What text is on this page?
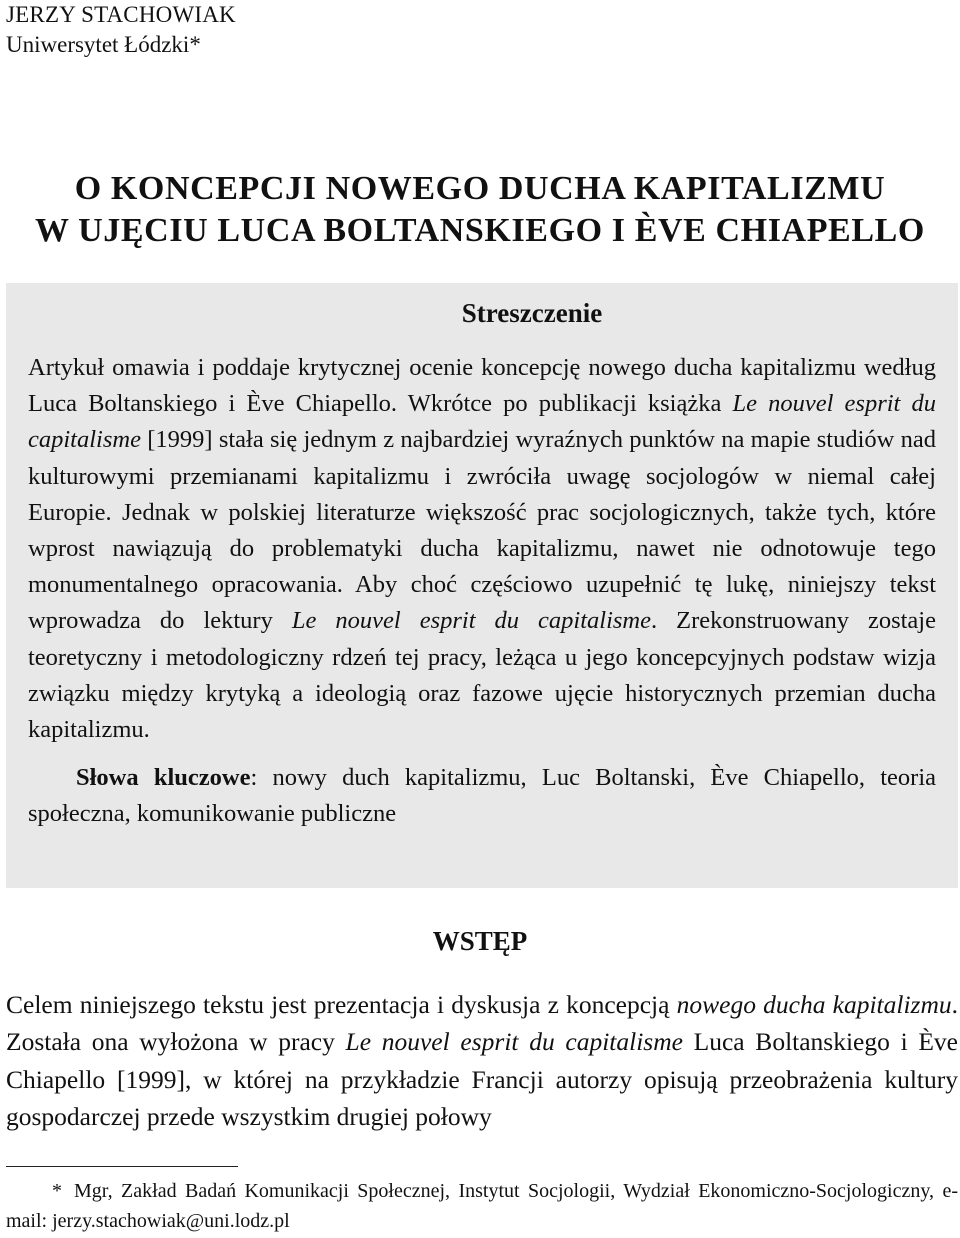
JERZY STACHOWIAK
Uniwersytet Łódzki*
O KONCEPCJI NOWEGO DUCHA KAPITALIZMU
W UJĘCIU LUCA BOLTANSKIEGO I ÈVE CHIAPELLO
Streszczenie

Artykuł omawia i poddaje krytycznej ocenie koncepcję nowego ducha kapitalizmu według Luca Boltanskiego i Ève Chiapello. Wkrótce po publikacji książka Le nouvel esprit du capitalisme [1999] stała się jednym z najbardziej wyraźnych punktów na mapie studiów nad kulturowymi przemianami kapitalizmu i zwróciła uwagę socjologów w niemal całej Europie. Jednak w polskiej literaturze większość prac socjologicznych, także tych, które wprost nawiązują do problematyki ducha kapitalizmu, nawet nie odnotowuje tego monumentalnego opracowania. Aby choć częściowo uzupełnić tę lukę, niniejszy tekst wprowadza do lektury Le nouvel esprit du capitalisme. Zrekonstruowany zostaje teoretyczny i metodologiczny rdzeń tej pracy, leżąca u jego koncepcyjnych podstaw wizja związku między krytyką a ideologią oraz fazowe ujęcie historycznych przemian ducha kapitalizmu.

Słowa kluczowe: nowy duch kapitalizmu, Luc Boltanski, Ève Chiapello, teoria społeczna, komunikowanie publiczne

WSTĘP

Celem niniejszego tekstu jest prezentacja i dyskusja z koncepcją nowego ducha kapitalizmu. Została ona wyłożona w pracy Le nouvel esprit du capitalisme Luca Boltanskiego i Ève Chiapello [1999], w której na przykładzie Francji autorzy opisują przeobrażenia kultury gospodarczej przede wszystkim drugiej połowy

* Mgr, Zakład Badań Komunikacji Społecznej, Instytut Socjologii, Wydział Ekonomiczno-Socjologiczny, e-mail: jerzy.stachowiak@uni.lodz.pl
